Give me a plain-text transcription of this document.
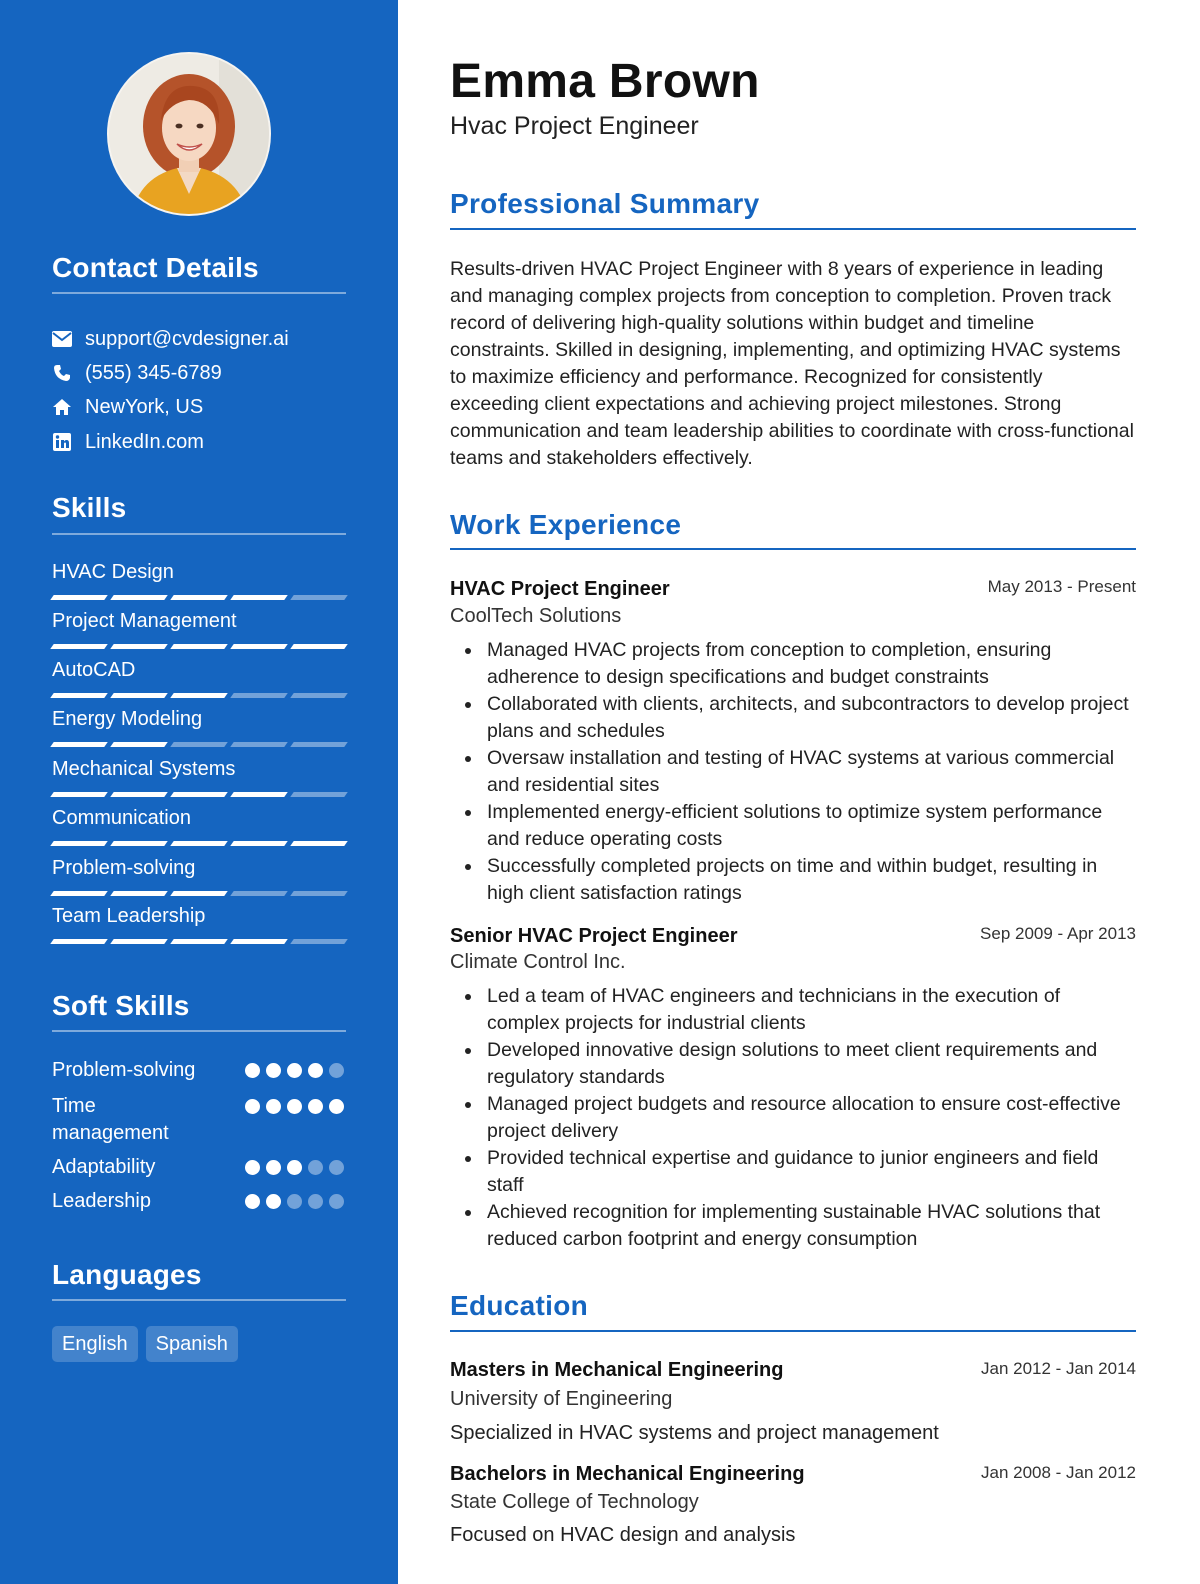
Contact Details
support@cvdesigner.ai
(555) 345-6789
NewYork, US
LinkedIn.com
Skills
HVAC Design
Project Management
AutoCAD
Energy Modeling
Mechanical Systems
Communication
Problem-solving
Team Leadership
Soft Skills
Problem-solving
Time management
Adaptability
Leadership
Languages
English	Spanish
Emma Brown
Hvac Project Engineer
Professional Summary

Results-driven HVAC Project Engineer with 8 years of experience in leading and managing complex projects from conception to completion. Proven track record of delivering high-quality solutions within budget and timeline constraints. Skilled in designing, implementing, and optimizing HVAC systems to maximize efficiency and performance. Recognized for consistently exceeding client expectations and achieving project milestones. Strong communication and team leadership abilities to coordinate with cross-functional teams and stakeholders effectively.

Work Experience
HVAC Project Engineer	May 2013 - Present
CoolTech Solutions
Managed HVAC projects from conception to completion, ensuring adherence to design specifications and budget constraints
Collaborated with clients, architects, and subcontractors to develop project plans and schedules
Oversaw installation and testing of HVAC systems at various commercial and residential sites
Implemented energy-efficient solutions to optimize system performance and reduce operating costs
Successfully completed projects on time and within budget, resulting in high client satisfaction ratings
Senior HVAC Project Engineer	Sep 2009 - Apr 2013
Climate Control Inc.
Led a team of HVAC engineers and technicians in the execution of complex projects for industrial clients
Developed innovative design solutions to meet client requirements and regulatory standards
Managed project budgets and resource allocation to ensure cost-effective project delivery
Provided technical expertise and guidance to junior engineers and field staff
Achieved recognition for implementing sustainable HVAC solutions that reduced carbon footprint and energy consumption
Education
Masters in Mechanical Engineering	Jan 2012 - Jan 2014
University of Engineering
Specialized in HVAC systems and project management
Bachelors in Mechanical Engineering	Jan 2008 - Jan 2012
State College of Technology
Focused on HVAC design and analysis
